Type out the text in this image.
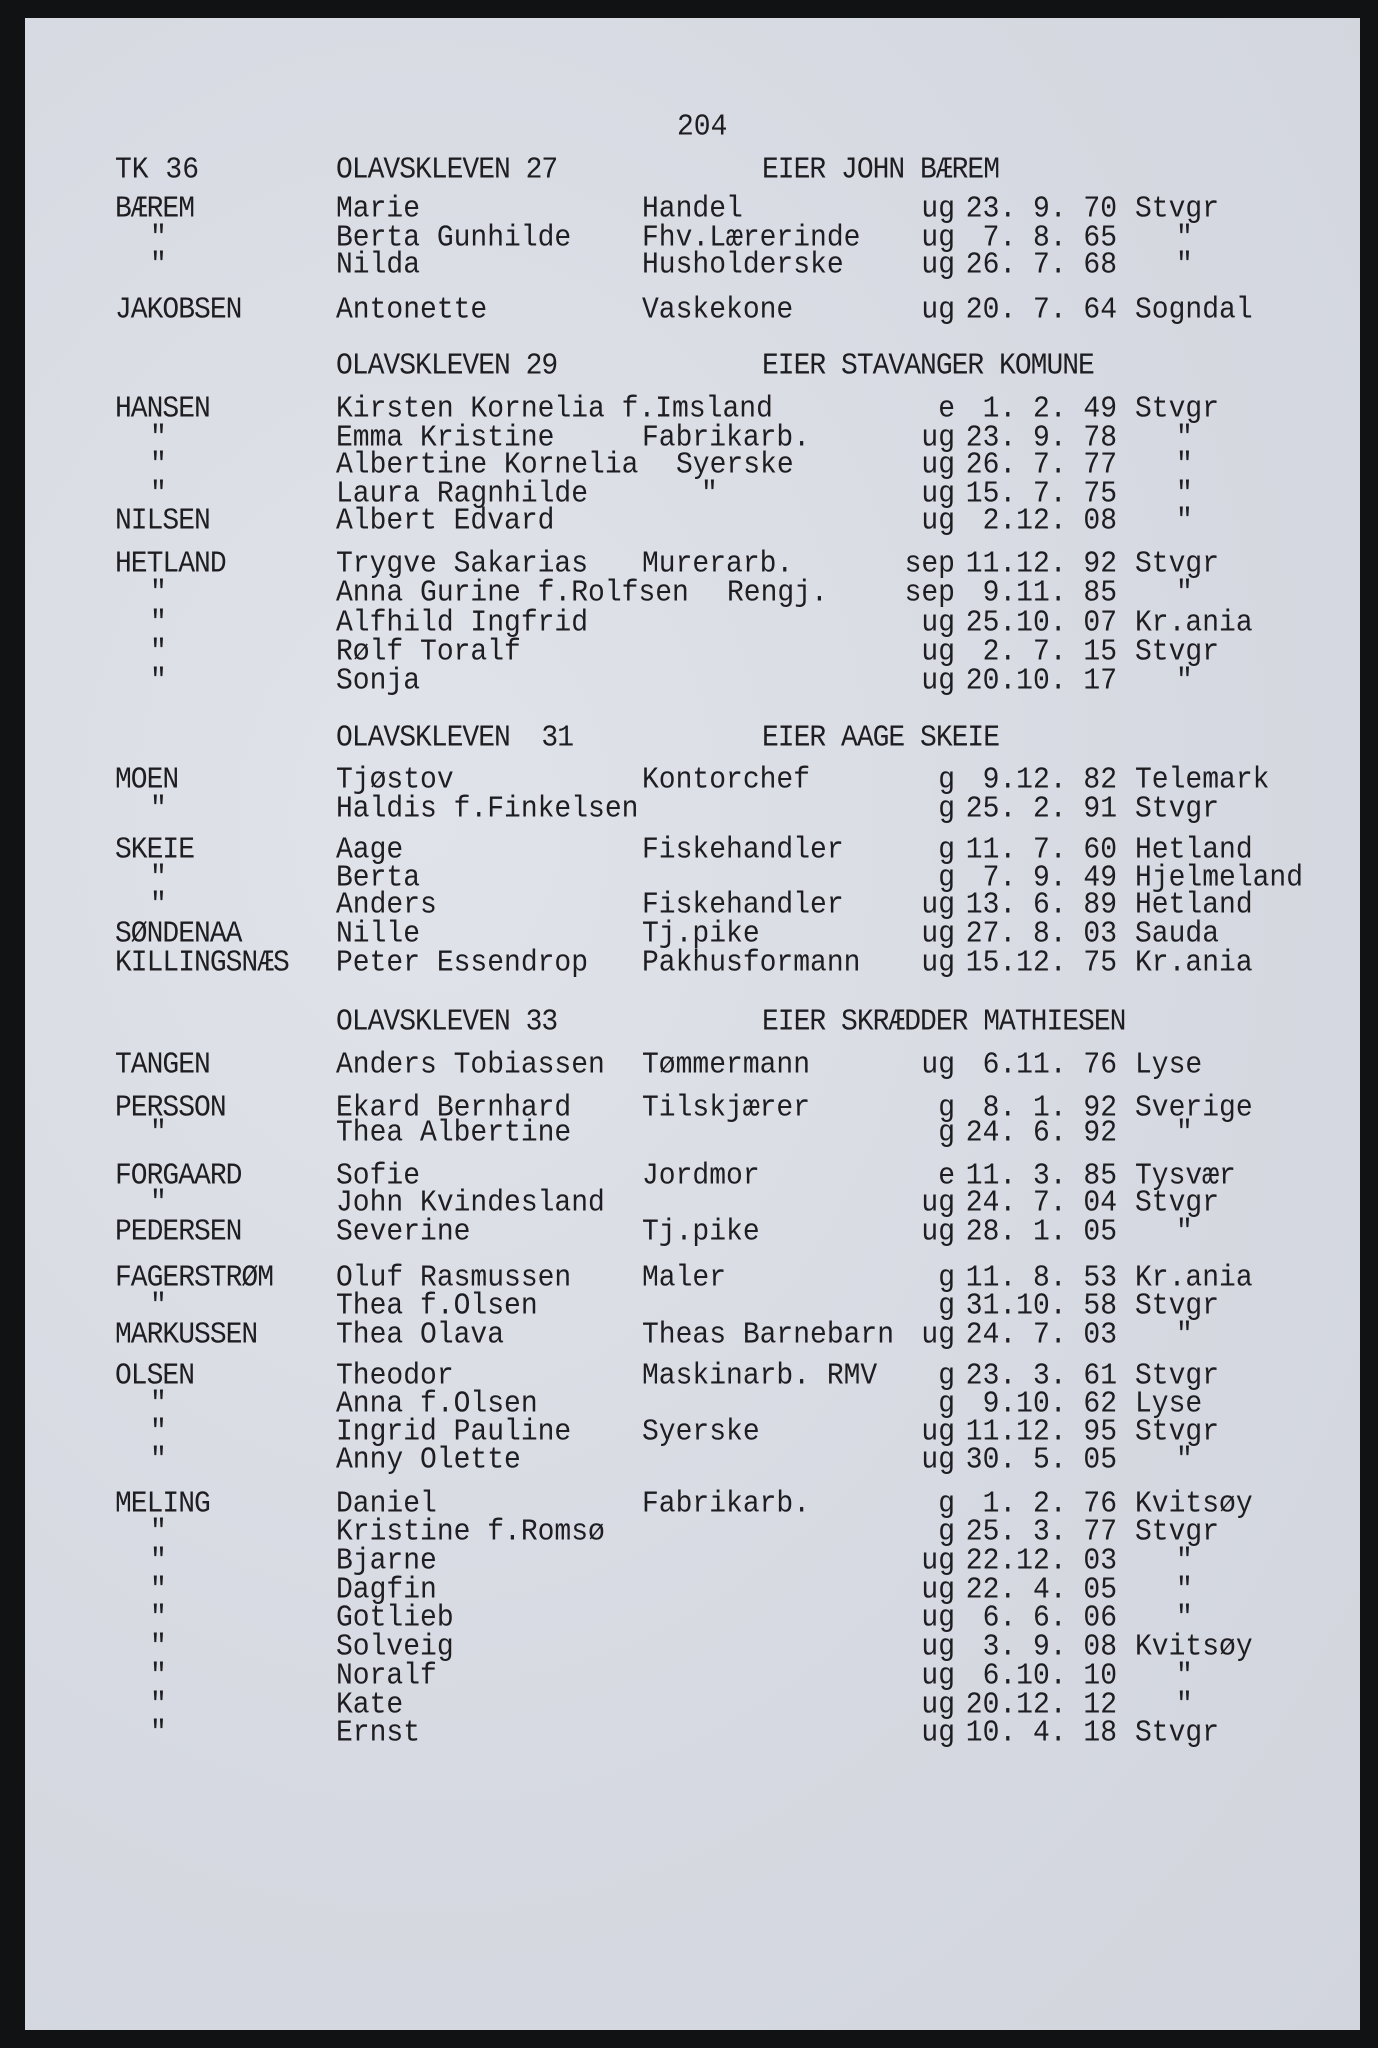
204
TK 36	OLAVSKLEVEN 27	EIER JOHN BÆREM
BÆREM	Marie	Handel	ug 23. 9. 70 Stvgr
"	Berta Gunhilde	Fhv.Lærerinde ug 7. 8. 65 "
"	Nilda	Husholderske	ug 26. 7. 68 "
JAKOBSEN	Antonette	Vaskekone	ug 20. 7. 64 Sogndal
OLAVSKLEVEN 29	EIER STAVANGER KOMUNE
HANSEN	Kirsten Kornelia f.Imsland	e 1. 2. 49 Stvgr
"	Emma Kristine	Fabrikarb.	ug 23. 9. 78 "
"	Albertine Kornelia Syerske	ug 26. 7. 77 "
"	Laura Ragnhilde	"	ug 15. 7. 75 "
NILSEN	Albert Edvard	ug 2.12. 08 "
HETLAND	Trygve Sakarias Murerarb.	sep 11.12. 92 Stvgr
"	Anna Gurine f.Rolfsen Rengj.	sep 9.11. 85 "
"	Alfhild Ingfrid	ug 25.10. 07 Kr.ania
"	Rølf Toralf	ug 2. 7. 15 Stvgr
"	Sonja	ug 20.10. 17 "
OLAVSKLEVEN  31	EIER AAGE SKEIE
MOEN	Tjøstov	Kontorchef	g 9.12. 82 Telemark
"	Haldis f.Finkelsen	g 25. 2. 91 Stvgr
SKEIE	Aage	Fiskehandler	g 11. 7. 60 Hetland
"	Berta	g 7. 9. 49 Hjelmeland
"	Anders	Fiskehandler	ug 13. 6. 89 Hetland
SØNDENAA	Nille	Tj.pike	ug 27. 8. 03 Sauda
KILLINGSNÆS Peter Essendrop Pakhusformann ug 15.12. 75 Kr.ania
OLAVSKLEVEN 33	EIER SKRÆDDER MATHIESEN
TANGEN	Anders Tobiassen Tømmermann	ug 6.11. 76 Lyse
PERSSON	Ekard Bernhard	Tilskjærer	g 8. 1. 92 Sverige
"	Thea Albertine	g 24. 6. 92 "
FORGAARD	Sofie	Jordmor	e 11. 3. 85 Tysvær
"	John Kvindesland	ug 24. 7. 04 Stvgr
PEDERSEN	Severine	Tj.pike	ug 28. 1. 05 "
FAGERSTRØM Oluf Rasmussen	Maler	g 11. 8. 53 Kr.ania
"	Thea f.Olsen	g 31.10. 58 Stvgr
MARKUSSEN	Thea Olava	Theas Barnebarn ug 24. 7. 03 "
OLSEN	Theodor	Maskinarb. RMV g 23. 3. 61 Stvgr
"	Anna f.Olsen	g 9.10. 62 Lyse
"	Ingrid Pauline	Syerske	ug 11.12. 95 Stvgr
"	Anny Olette	ug 30. 5. 05 "
MELING	Daniel	Fabrikarb.	g 1. 2. 76 Kvitsøy
"	Kristine f.Romsø	g 25. 3. 77 Stvgr
"	Bjarne	ug 22.12. 03 "
"	Dagfin	ug 22. 4. 05 "
"	Gotlieb	ug 6. 6. 06 "
"	Solveig	ug 3. 9. 08 Kvitsøy
"	Noralf	ug 6.10. 10 "
"	Kate	ug 20.12. 12 "
"	Ernst	ug 10. 4. 18 Stvgr
